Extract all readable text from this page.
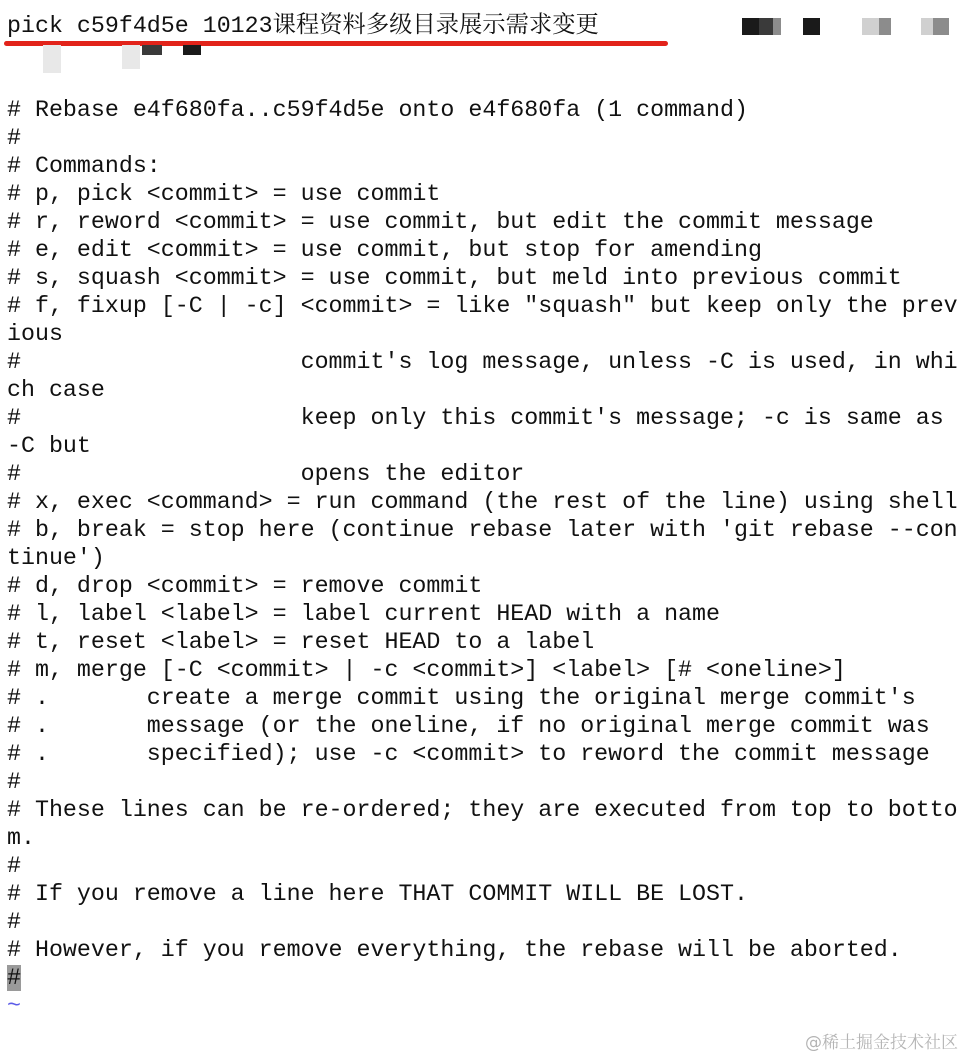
pick c59f4d5e 10123课程资料多级目录展示需求变更
# Rebase e4f680fa..c59f4d5e onto e4f680fa (1 command)
#
# Commands:
# p, pick <commit> = use commit
# r, reword <commit> = use commit, but edit the commit message
# e, edit <commit> = use commit, but stop for amending
# s, squash <commit> = use commit, but meld into previous commit
# f, fixup [-C | -c] <commit> = like "squash" but keep only the prev
ious
#                    commit's log message, unless -C is used, in whi
ch case
#                    keep only this commit's message; -c is same as
-C but
#                    opens the editor
# x, exec <command> = run command (the rest of the line) using shell
# b, break = stop here (continue rebase later with 'git rebase --con
tinue')
# d, drop <commit> = remove commit
# l, label <label> = label current HEAD with a name
# t, reset <label> = reset HEAD to a label
# m, merge [-C <commit> | -c <commit>] <label> [# <oneline>]
# .       create a merge commit using the original merge commit's
# .       message (or the oneline, if no original merge commit was
# .       specified); use -c <commit> to reword the commit message
#
# These lines can be re-ordered; they are executed from top to botto
m.
#
# If you remove a line here THAT COMMIT WILL BE LOST.
#
# However, if you remove everything, the rebase will be aborted.
#
~
@稀土掘金技术社区
